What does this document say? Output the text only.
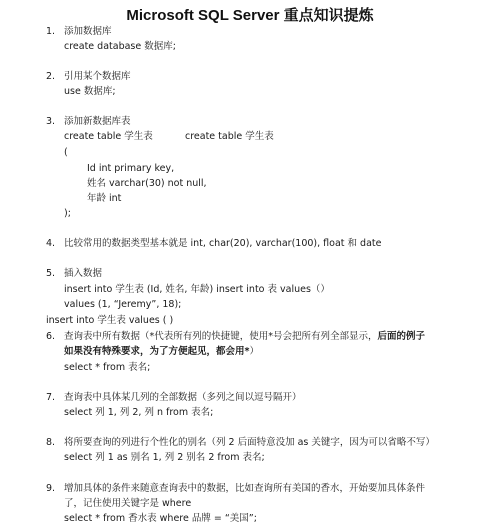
Microsoft SQL Server 重点知识提炼
1. 添加数据库
create database 数据库;
2. 引用某个数据库
use 数据库;
3. 添加新数据库表
create table 学生表	create table 学生表
(
Id int primary key,
姓名 varchar(30) not null,
年龄 int
);
4. 比较常用的数据类型基本就是 int, char(20), varchar(100), float 和 date
5. 插入数据
insert into 学生表 (Id, 姓名, 年龄) insert into 表 values（）
values (1, “Jeremy”, 18);
insert into 学生表 values ( )
6. 查询表中所有数据（*代表所有列的快捷键，使用*号会把所有列全部显示，后面的例子
如果没有特殊要求，为了方便起见，都会用*）
select * from 表名;
7. 查询表中具体某几列的全部数据（多列之间以逗号隔开）
select 列 1, 列 2, 列 n from 表名;
8. 将所要查询的列进行个性化的别名（列 2 后面特意没加 as 关键字，因为可以省略不写）
select 列 1 as 别名 1, 列 2 别名 2 from 表名;
9. 增加具体的条件来随意查询表中的数据，比如查询所有美国的香水，开始要加具体条件
了，记住使用关键字是 where
select * from 香水表 where 品牌 = “美国”;
